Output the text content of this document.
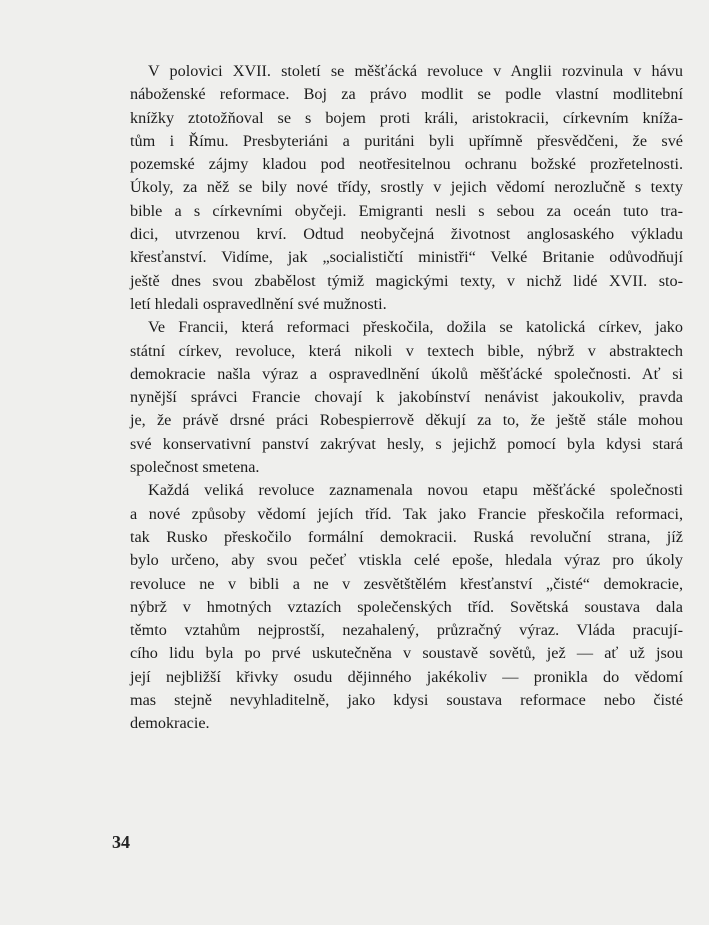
V polovici XVII. století se měšťácká revoluce v Anglii rozvinula v hávu
náboženské reformace. Boj za právo modlit se podle vlastní modlitební
knížky ztotožňoval se s bojem proti králi, aristokracii, církevním kníža-
tům i Římu. Presbyteriáni a puritáni byli upřímně přesvědčeni, že své
pozemské zájmy kladou pod neotřesitelnou ochranu božské prozřetelnosti.
Úkoly, za něž se bily nové třídy, srostly v jejich vědomí nerozlučně s texty
bible a s církevními obyčeji. Emigranti nesli s sebou za oceán tuto tra-
dici, utvrzenou krví. Odtud neobyčejná životnost anglosaského výkladu
křesťanství. Vidíme, jak „socialističtí ministři“ Velké Britanie odůvodňují
ještě dnes svou zbabělost týmiž magickými texty, v nichž lidé XVII. sto-
letí hledali ospravedlnění své mužnosti.
Ve Francii, která reformaci přeskočila, dožila se katolická církev, jako
státní církev, revoluce, která nikoli v textech bible, nýbrž v abstraktech
demokracie našla výraz a ospravedlnění úkolů měšťácké společnosti. Ať si
nynější správci Francie chovají k jakobínství nenávist jakoukoliv, pravda
je, že právě drsné práci Robespierrově děkují za to, že ještě stále mohou
své konservativní panství zakrývat hesly, s jejichž pomocí byla kdysi stará
společnost smetena.
Každá veliká revoluce zaznamenala novou etapu měšťácké společnosti
a nové způsoby vědomí jejích tříd. Tak jako Francie přeskočila reformaci,
tak Rusko přeskočilo formální demokracii. Ruská revoluční strana, jíž
bylo určeno, aby svou pečeť vtiskla celé epoše, hledala výraz pro úkoly
revoluce ne v bibli a ne v zesvětštělém křesťanství „čisté“ demokracie,
nýbrž v hmotných vztazích společenských tříd. Sovětská soustava dala
těmto vztahům nejprostší, nezahalený, průzračný výraz. Vláda pracují-
cího lidu byla po prvé uskutečněna v soustavě sovětů, jež — ať už jsou
její nejbližší křivky osudu dějinného jakékoliv — pronikla do vědomí
mas stejně nevyhladitelně, jako kdysi soustava reformace nebo čisté
demokracie.
34
